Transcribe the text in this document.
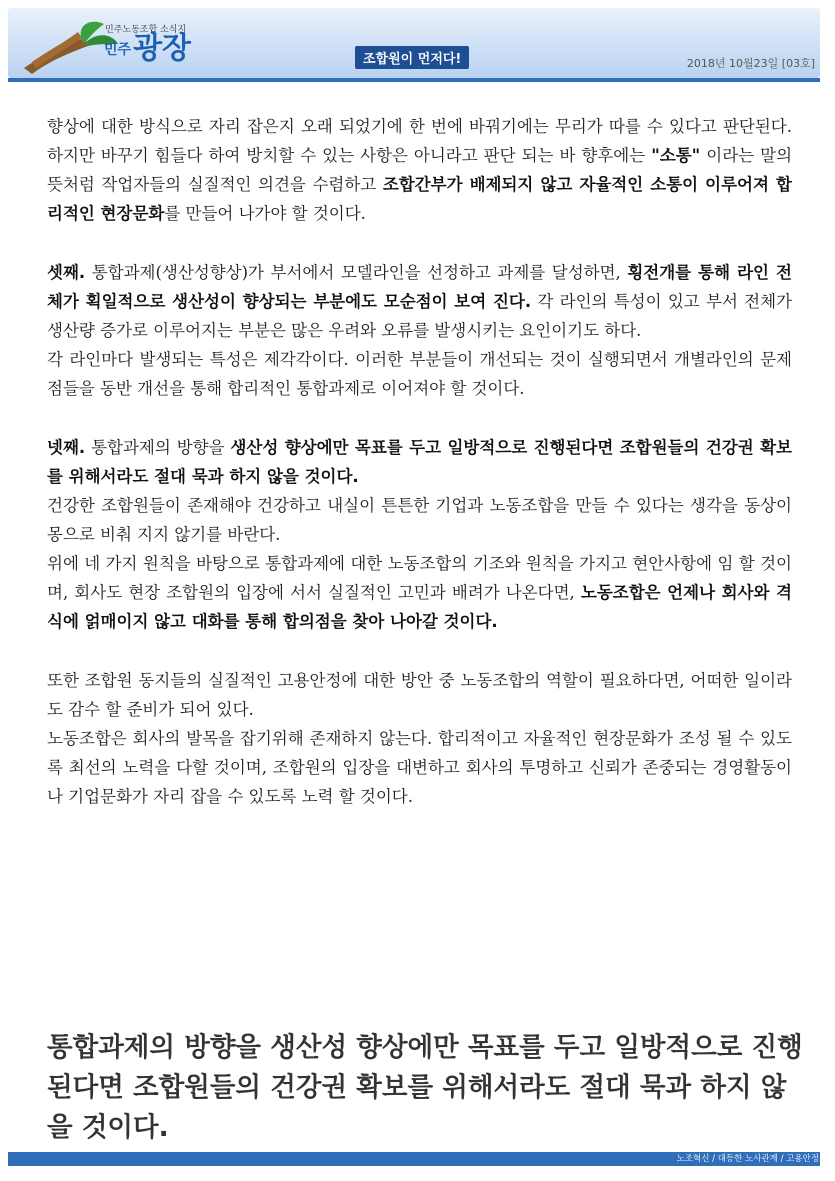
민주노동조합 소식지
민주광장	조합원이 먼저다!	2018년 10월23일 [03호]

향상에 대한 방식으로 자리 잡은지 오래 되었기에 한 번에 바꿔기에는 무리가 따를 수 있다고 판단된다. 하지만 바꾸기 힘들다 하여 방치할 수 있는 사항은 아니라고 판단 되는 바 향후에는 "소통" 이라는 말의 뜻처럼 작업자들의 실질적인 의견을 수렴하고 조합간부가 배제되지 않고 자율적인 소통이 이루어져 합리적인 현장문화를 만들어 나가야 할 것이다.

셋째. 통합과제(생산성향상)가 부서에서 모델라인을 선정하고 과제를 달성하면, 횡전개를 통해 라인 전체가 획일적으로 생산성이 향상되는 부분에도 모순점이 보여 진다. 각 라인의 특성이 있고 부서 전체가 생산량 증가로 이루어지는 부분은 많은 우려와 오류를 발생시키는 요인이기도 하다.

각 라인마다 발생되는 특성은 제각각이다. 이러한 부분들이 개선되는 것이 실행되면서 개별라인의 문제점들을 동반 개선을 통해 합리적인 통합과제로 이어져야 할 것이다.

넷째. 통합과제의 방향을 생산성 향상에만 목표를 두고 일방적으로 진행된다면 조합원들의 건강권 확보를 위해서라도 절대 묵과 하지 않을 것이다.

건강한 조합원들이 존재해야 건강하고 내실이 튼튼한 기업과 노동조합을 만들 수 있다는 생각을 동상이몽으로 비춰 지지 않기를 바란다.

위에 네 가지 원칙을 바탕으로 통합과제에 대한 노동조합의 기조와 원칙을 가지고 현안사항에 임 할 것이며, 회사도 현장 조합원의 입장에 서서 실질적인 고민과 배려가 나온다면, 노동조합은 언제나 회사와 격식에 얽매이지 않고 대화를 통해 합의점을 찾아 나아갈 것이다.

또한 조합원 동지들의 실질적인 고용안정에 대한 방안 중 노동조합의 역할이 필요하다면, 어떠한 일이라도 감수 할 준비가 되어 있다.

노동조합은 회사의 발목을 잡기위해 존재하지 않는다. 합리적이고 자율적인 현장문화가 조성 될 수 있도록 최선의 노력을 다할 것이며, 조합원의 입장을 대변하고 회사의 투명하고 신뢰가 존중되는 경영활동이나 기업문화가 자리 잡을 수 있도록 노력 할 것이다.

통합과제의 방향을 생산성 향상에만 목표를 두고 일방적으로 진행된다면 조합원들의 건강권 확보를 위해서라도 절대 묵과 하지 않을 것이다.
노조혁신 / 대등한 노사관계 / 고용안정
